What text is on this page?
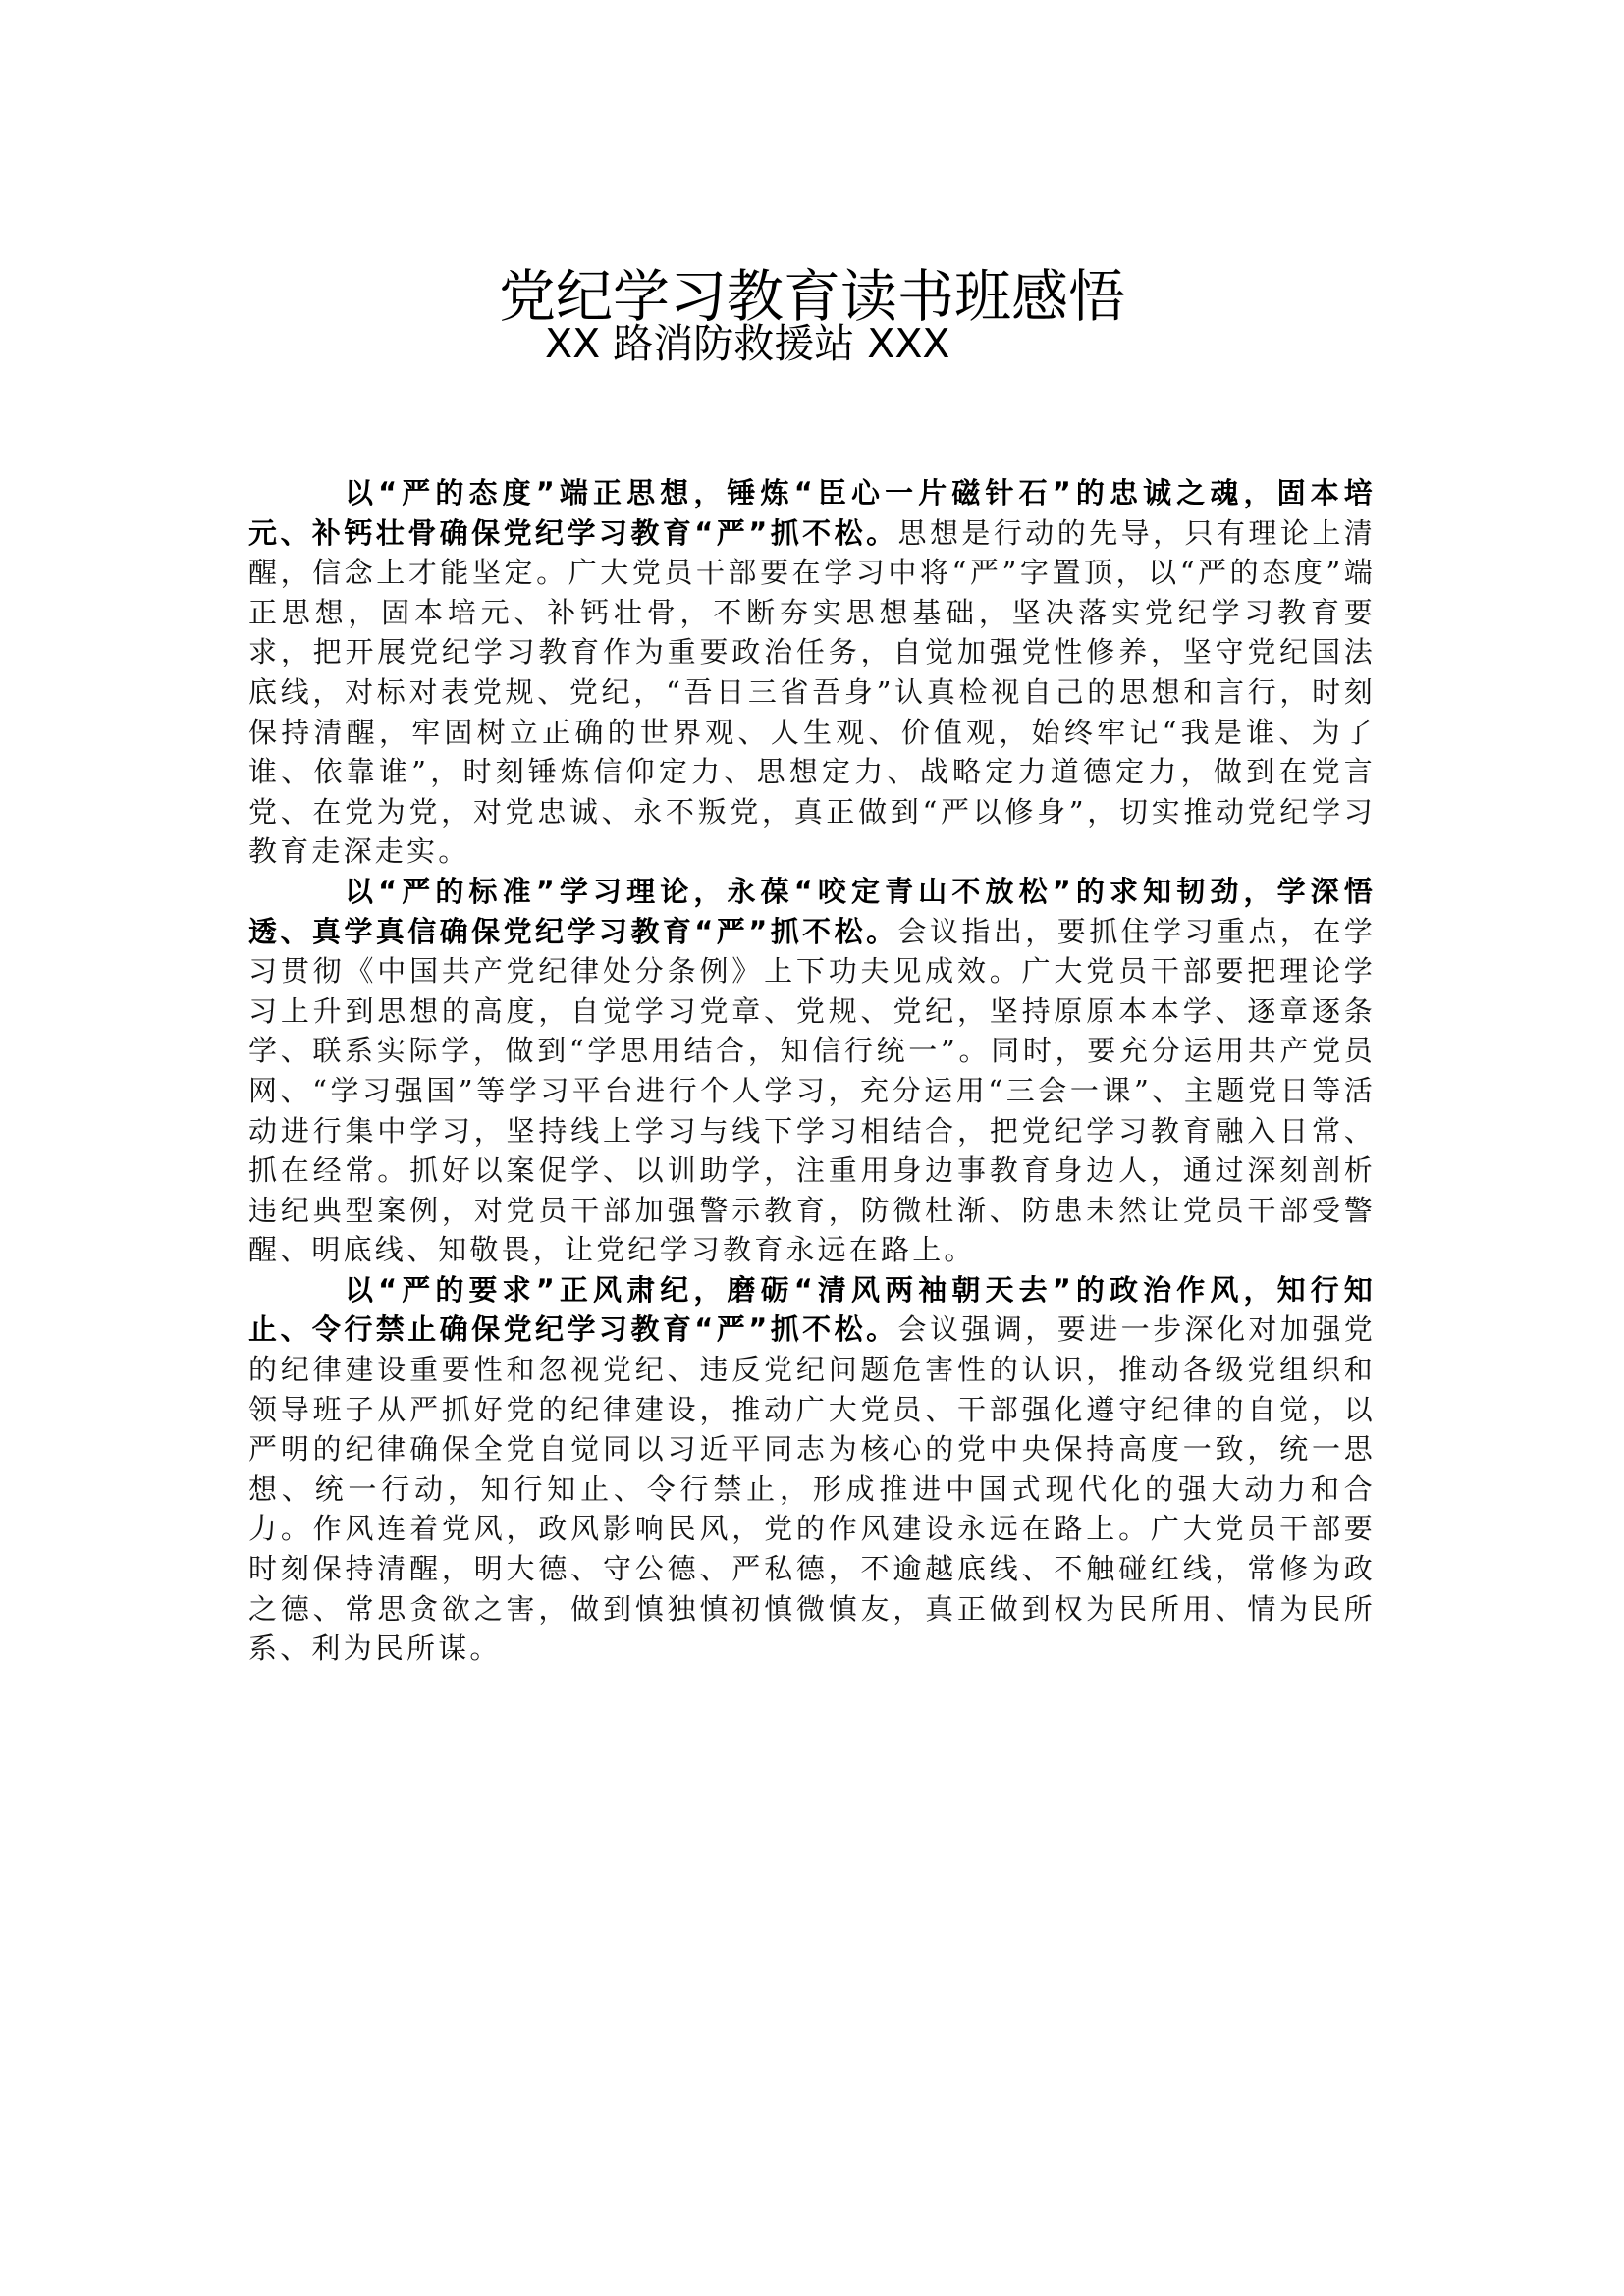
党纪学习教育读书班感悟
XX 路消防救援站 XXX

以“严的态度”端正思想，锤炼“臣心一片磁针石”的忠诚之魂，固本培元、补钙壮骨确保党纪学习教育“严”抓不松。思想是行动的先导，只有理论上清醒，信念上才能坚定。广大党员干部要在学习中将“严”字置顶，以“严的态度”端正思想，固本培元、补钙壮骨，不断夯实思想基础，坚决落实党纪学习教育要求，把开展党纪学习教育作为重要政治任务，自觉加强党性修养，坚守党纪国法底线，对标对表党规、党纪，“吾日三省吾身”认真检视自己的思想和言行，时刻保持清醒，牢固树立正确的世界观、人生观、价值观，始终牢记“我是谁、为了谁、依靠谁”，时刻锤炼信仰定力、思想定力、战略定力道德定力，做到在党言党、在党为党，对党忠诚、永不叛党，真正做到“严以修身”，切实推动党纪学习教育走深走实。

以“严的标准”学习理论，永葆“咬定青山不放松”的求知韧劲，学深悟透、真学真信确保党纪学习教育“严”抓不松。会议指出，要抓住学习重点，在学习贯彻《中国共产党纪律处分条例》上下功夫见成效。广大党员干部要把理论学习上升到思想的高度，自觉学习党章、党规、党纪，坚持原原本本学、逐章逐条学、联系实际学，做到“学思用结合，知信行统一”。同时，要充分运用共产党员网、“学习强国”等学习平台进行个人学习，充分运用“三会一课”、主题党日等活动进行集中学习，坚持线上学习与线下学习相结合，把党纪学习教育融入日常、抓在经常。抓好以案促学、以训助学，注重用身边事教育身边人，通过深刻剖析违纪典型案例，对党员干部加强警示教育，防微杜渐、防患未然让党员干部受警醒、明底线、知敬畏，让党纪学习教育永远在路上。

以“严的要求”正风肃纪，磨砺“清风两袖朝天去”的政治作风，知行知止、令行禁止确保党纪学习教育“严”抓不松。会议强调，要进一步深化对加强党的纪律建设重要性和忽视党纪、违反党纪问题危害性的认识，推动各级党组织和领导班子从严抓好党的纪律建设，推动广大党员、干部强化遵守纪律的自觉，以严明的纪律确保全党自觉同以习近平同志为核心的党中央保持高度一致，统一思想、统一行动，知行知止、令行禁止，形成推进中国式现代化的强大动力和合力。作风连着党风，政风影响民风，党的作风建设永远在路上。广大党员干部要时刻保持清醒，明大德、守公德、严私德，不逾越底线、不触碰红线，常修为政之德、常思贪欲之害，做到慎独慎初慎微慎友，真正做到权为民所用、情为民所系、利为民所谋。
